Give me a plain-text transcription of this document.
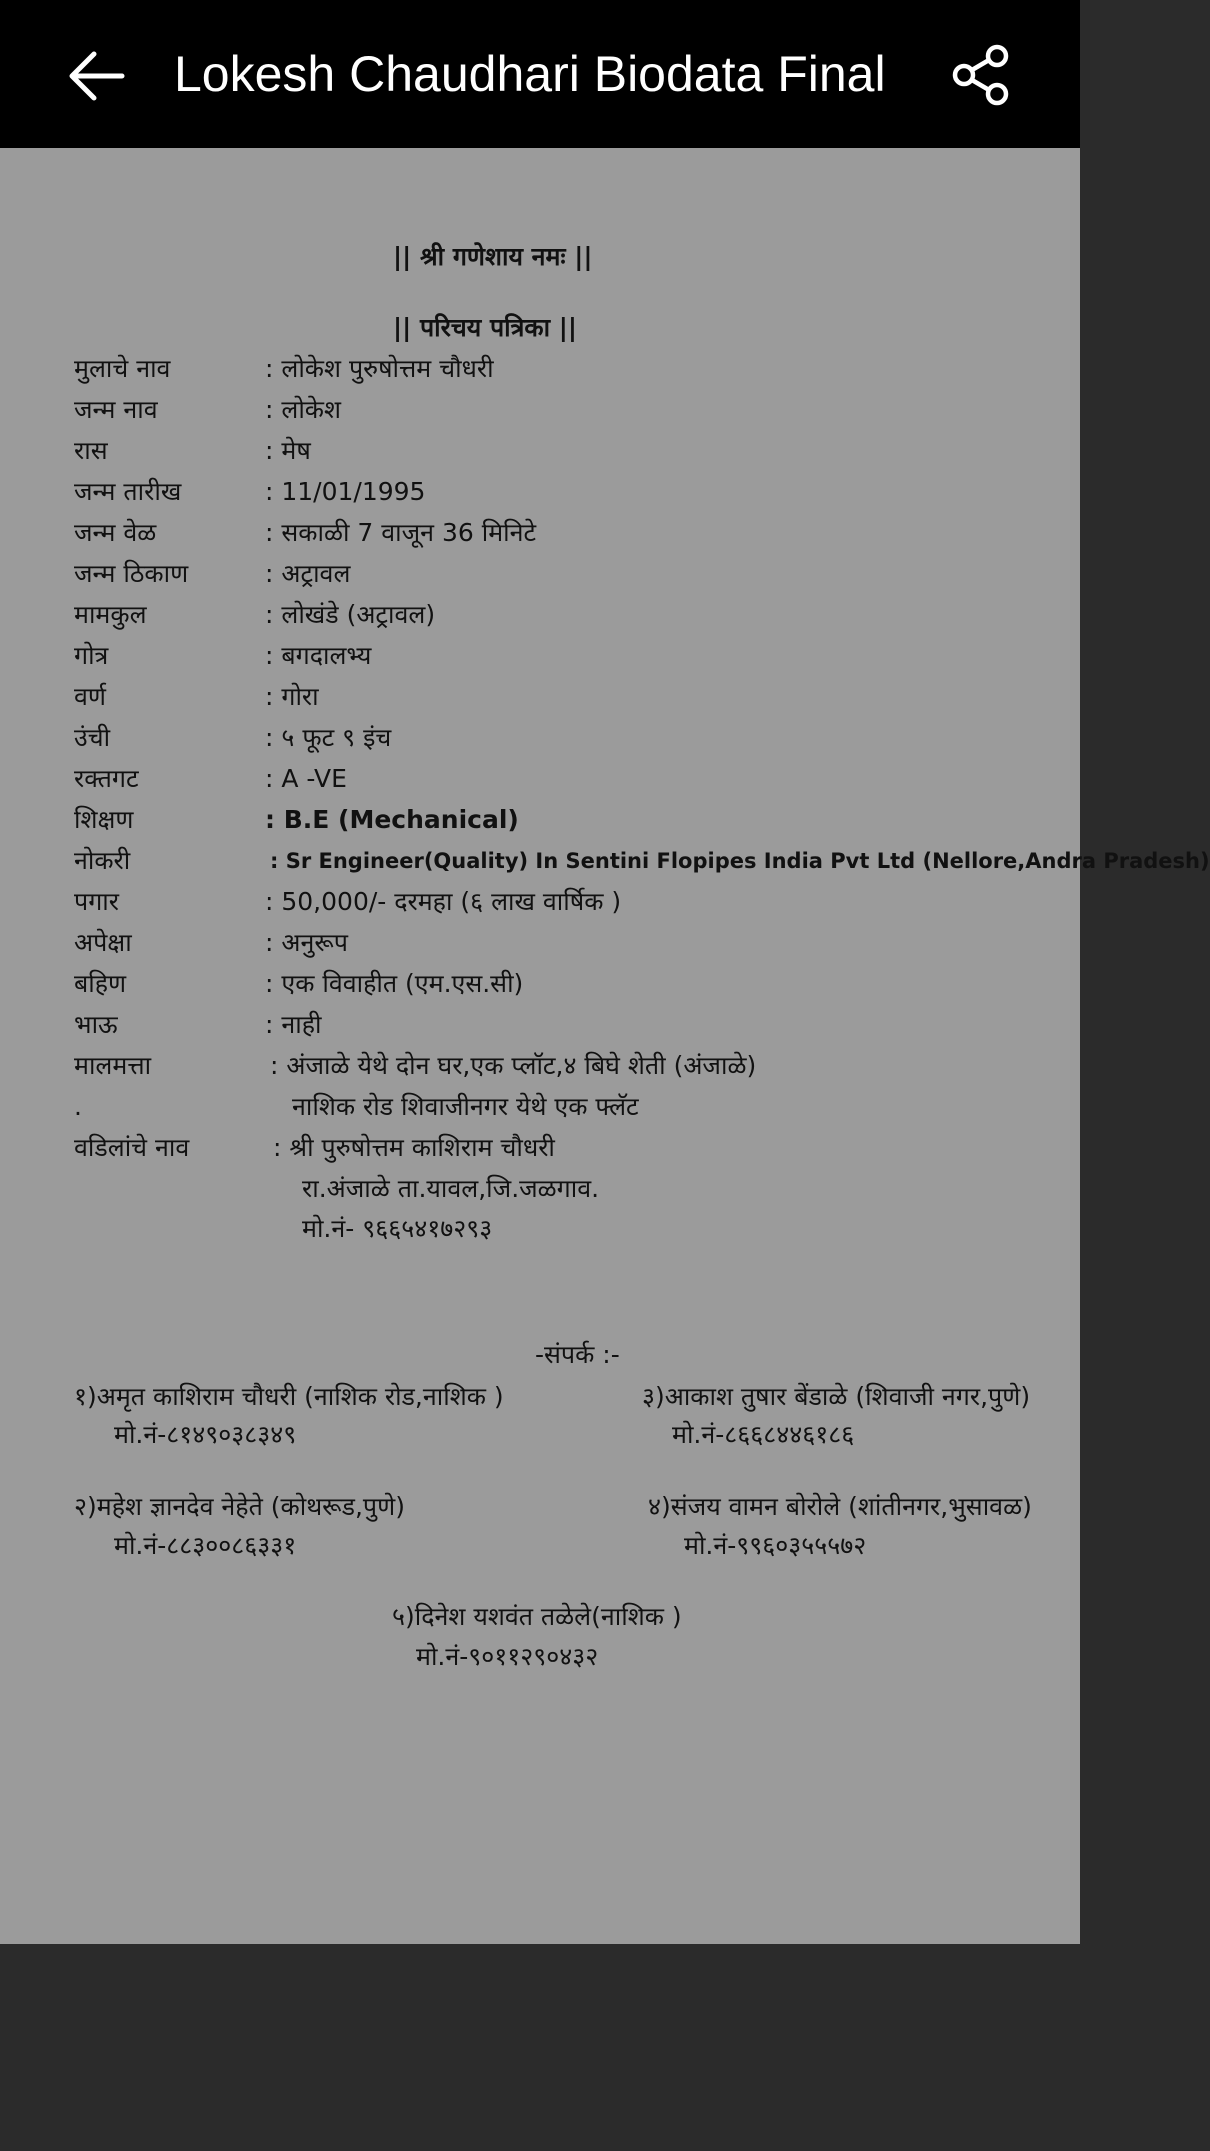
Lokesh Chaudhari Biodata Final
|| श्री गणेशाय नमः ||
|| परिचय पत्रिका ||
मुलाचे नाव	: लोकेश पुरुषोत्तम चौधरी
जन्म नाव	: लोकेश
रास	: मेष
जन्म तारीख	: 11/01/1995
जन्म वेळ	: सकाळी 7 वाजून 36 मिनिटे
जन्म ठिकाण	: अट्रावल
मामकुल	: लोखंडे (अट्रावल)
गोत्र	: बगदालभ्य
वर्ण	: गोरा
उंची	: ५ फूट ९ इंच
रक्तगट	: A -VE
शिक्षण	: B.E (Mechanical)
नोकरी	: Sr Engineer(Quality) In Sentini Flopipes India Pvt Ltd (Nellore,Andra Pradesh)
पगार	: 50,000/- दरमहा (६ लाख वार्षिक )
अपेक्षा	: अनुरूप
बहिण	: एक विवाहीत (एम.एस.सी)
भाऊ	: नाही
मालमत्ता	: अंजाळे येथे दोन घर,एक प्लॉट,४ बिघे शेती (अंजाळे)
.	नाशिक रोड शिवाजीनगर येथे एक फ्लॅट
वडिलांचे नाव	: श्री पुरुषोत्तम काशिराम चौधरी
रा.अंजाळे ता.यावल,जि.जळगाव.
मो.नं- ९६६५४१७२९३
-संपर्क :-
१)अमृत काशिराम चौधरी (नाशिक रोड,नाशिक )
मो.नं-८१४९०३८३४९
३)आकाश तुषार बेंडाळे (शिवाजी नगर,पुणे)
मो.नं-८६६८४४६१८६
२)महेश ज्ञानदेव नेहेते (कोथरूड,पुणे)
मो.नं-८८३००८६३३१
४)संजय वामन बोरोले (शांतीनगर,भुसावळ)
मो.नं-९९६०३५५५७२
५)दिनेश यशवंत तळेले(नाशिक )
मो.नं-९०११२९०४३२
